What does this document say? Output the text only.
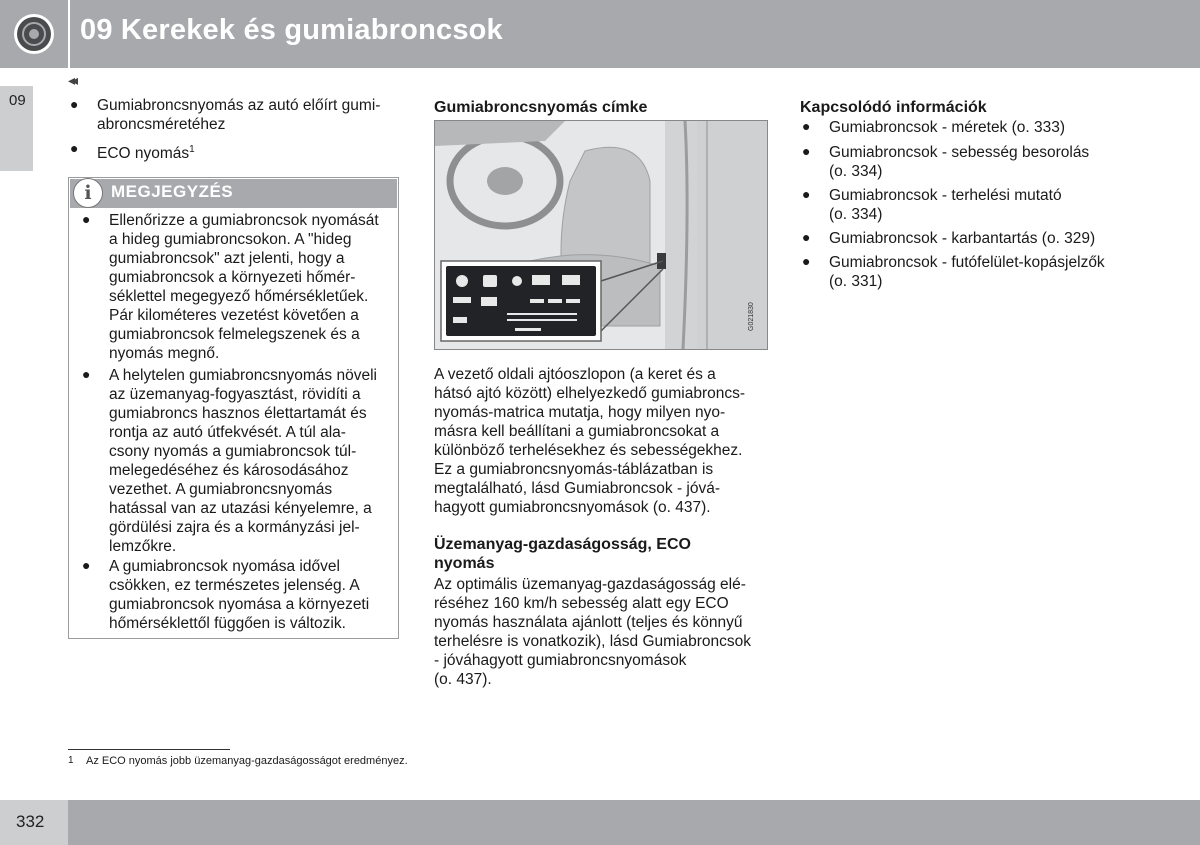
09 Kerekek és gumiabroncsok
09
◂◂
● Gumiabroncsnyomás az autó előírt gumi-
abroncsméretéhez
● ECO nyomás$^1$
i	MEGJEGYZÉS
● Ellenőrizze a gumiabroncsok nyomását
a hideg gumiabroncsokon. A "hideg
gumiabroncsok" azt jelenti, hogy a
gumiabroncsok a környezeti hőmér-
séklettel megegyező hőmérsékletűek.
Pár kilométeres vezetést követően a
gumiabroncsok felmelegszenek és a
nyomás megnő.
● A helytelen gumiabroncsnyomás növeli
az üzemanyag-fogyasztást, rövidíti a
gumiabroncs hasznos élettartamát és
rontja az autó útfekvését. A túl ala-
csony nyomás a gumiabroncsok túl-
melegedéséhez és károsodásához
vezethet. A gumiabroncsnyomás
hatással van az utazási kényelemre, a
gördülési zajra és a kormányzási jel-
lemzőkre.
● A gumiabroncsok nyomása idővel
csökken, ez természetes jelenség. A
gumiabroncsok nyomása a környezeti
hőmérséklettől függően is változik.
Gumiabroncsnyomás címke
G021830
A vezető oldali ajtóoszlopon (a keret és a
hátsó ajtó között) elhelyezkedő gumiabroncs-
nyomás-matrica mutatja, hogy milyen nyo-
másra kell beállítani a gumiabroncsokat a
különböző terhelésekhez és sebességekhez.
Ez a gumiabroncsnyomás-táblázatban is
megtalálható, lásd Gumiabroncsok - jóvá-
hagyott gumiabroncsnyomások (o. 437).
Üzemanyag-gazdaságosság, ECO
nyomás
Az optimális üzemanyag-gazdaságosság elé-
réséhez 160 km/h sebesség alatt egy ECO
nyomás használata ajánlott (teljes és könnyű
terhelésre is vonatkozik), lásd Gumiabroncsok
- jóváhagyott gumiabroncsnyomások
(o. 437).
Kapcsolódó információk
● Gumiabroncsok - méretek (o. 333)
● Gumiabroncsok - sebesség besorolás
(o. 334)
● Gumiabroncsok - terhelési mutató
(o. 334)
● Gumiabroncsok - karbantartás (o. 329)
● Gumiabroncsok - futófelület-kopásjelzők
(o. 331)
1 Az ECO nyomás jobb üzemanyag-gazdaságosságot eredményez.
332
